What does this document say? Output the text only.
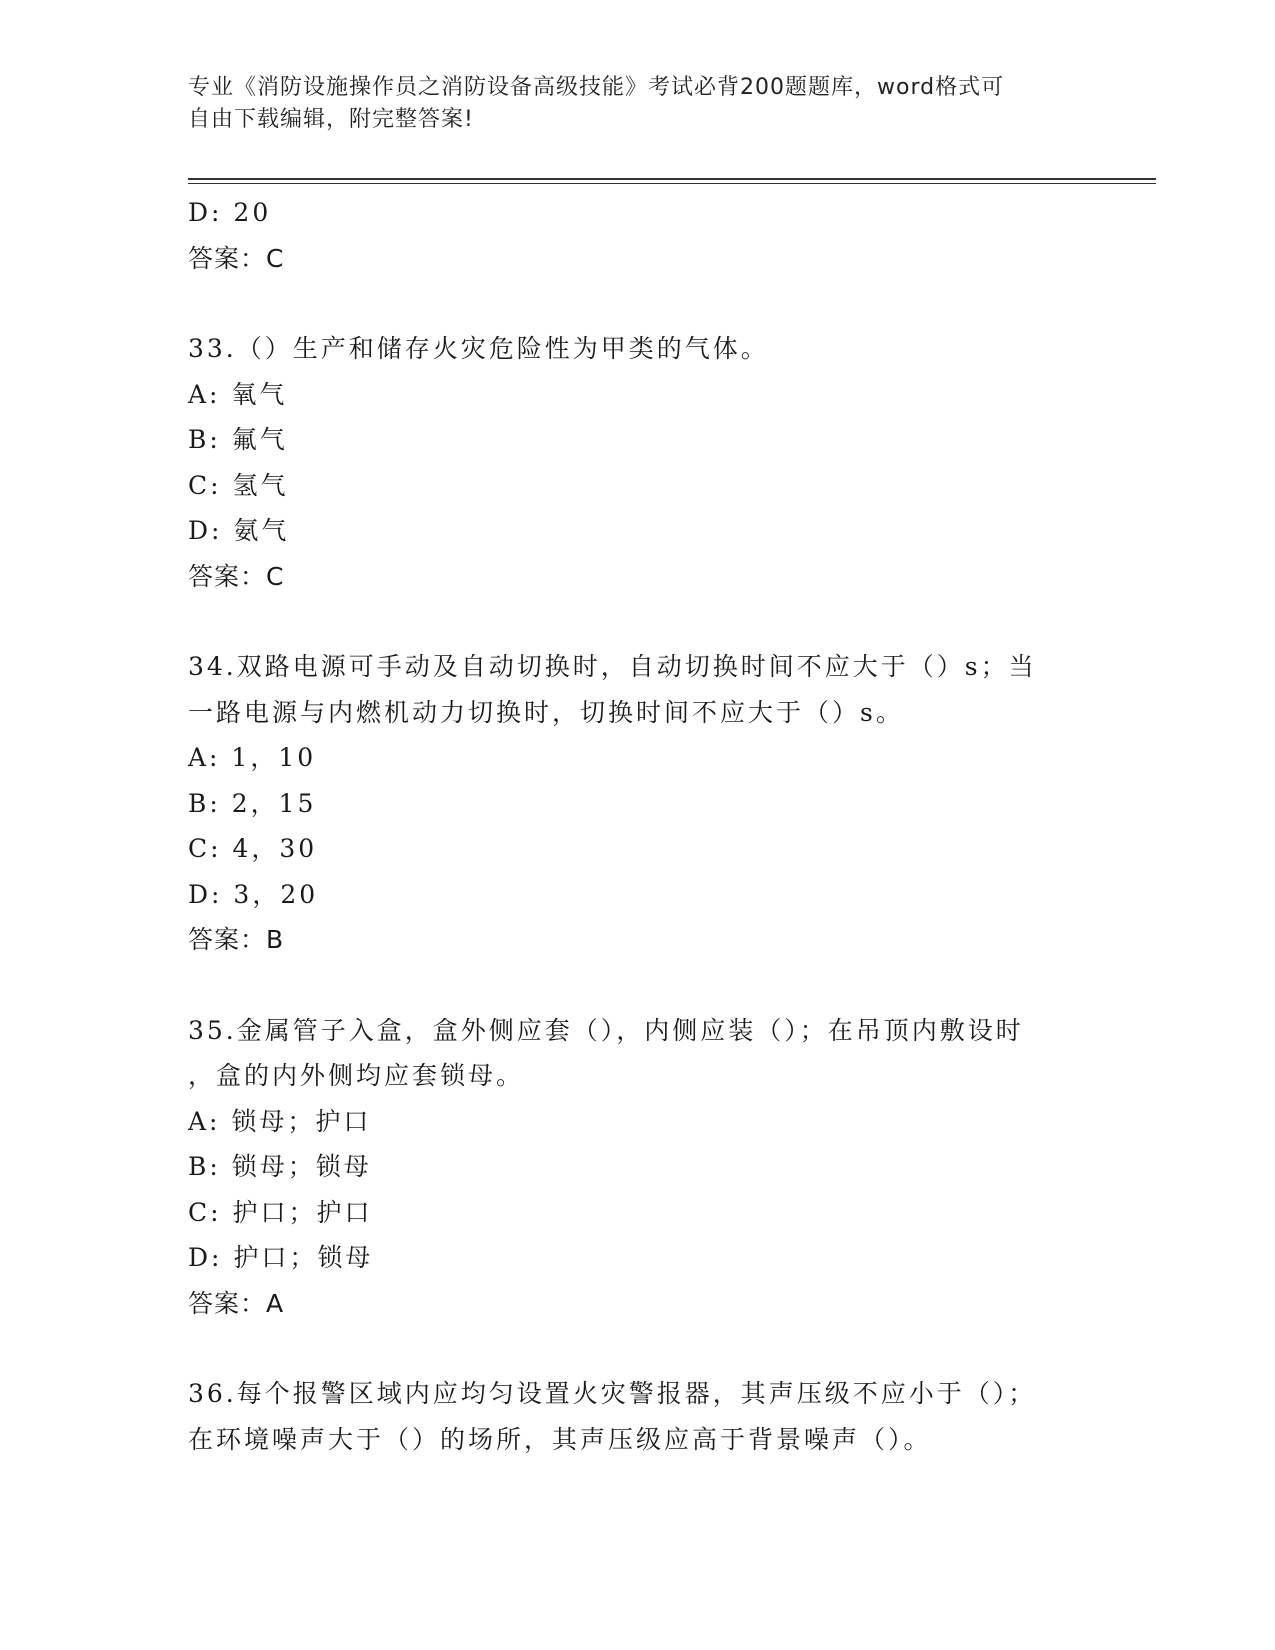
专业《消防设施操作员之消防设备高级技能》考试必背200题题库，word格式可
自由下载编辑，附完整答案!
D: 20
答案：C
33.（）生产和储存火灾危险性为甲类的气体。
A: 氧气
B: 氟气
C: 氢气
D: 氨气
答案：C
34.双路电源可手动及自动切换时，自动切换时间不应大于（）s；当
一路电源与内燃机动力切换时，切换时间不应大于（）s。
A: 1，10
B: 2，15
C: 4，30
D: 3，20
答案：B
35.金属管子入盒，盒外侧应套（），内侧应装（）；在吊顶内敷设时
，盒的内外侧均应套锁母。
A: 锁母；护口
B: 锁母；锁母
C: 护口；护口
D: 护口；锁母
答案：A
36.每个报警区域内应均匀设置火灾警报器，其声压级不应小于（）；
在环境噪声大于（）的场所，其声压级应高于背景噪声（）。
